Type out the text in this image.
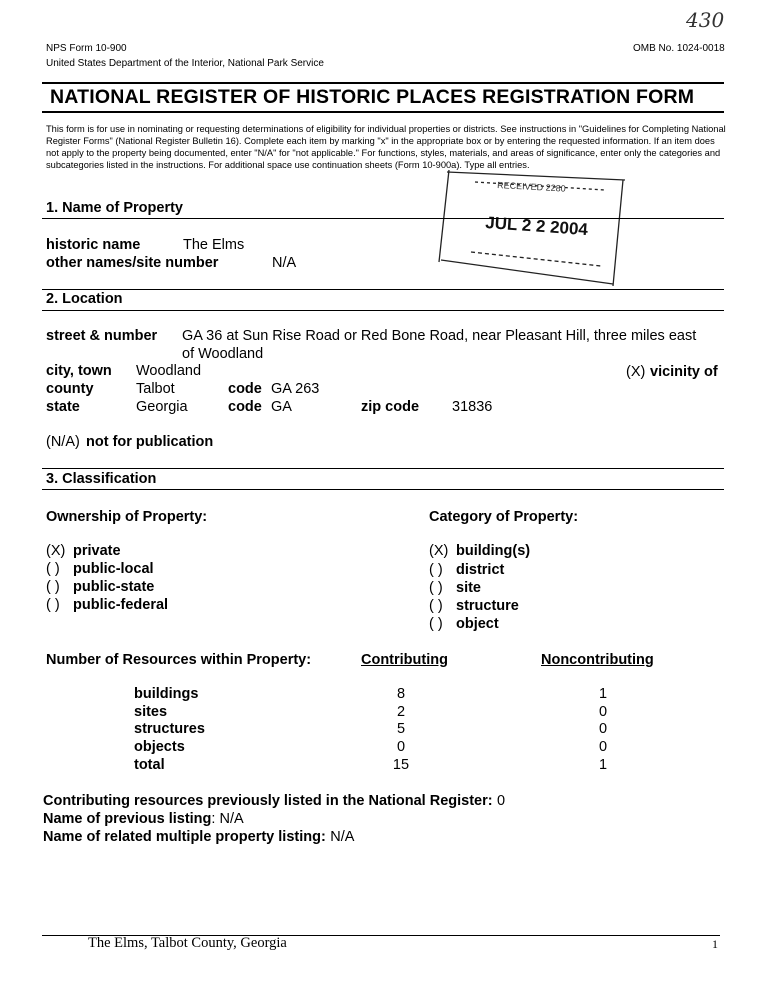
430
NPS Form 10-900	OMB No. 1024-0018
United States Department of the Interior, National Park Service
NATIONAL REGISTER OF HISTORIC PLACES REGISTRATION FORM
This form is for use in nominating or requesting determinations of eligibility for individual properties or districts. See instructions in "Guidelines for Completing National Register Forms" (National Register Bulletin 16). Complete each item by marking "x" in the appropriate box or by entering the requested information. If an item does not apply to the property being documented, enter "N/A" for "not applicable." For functions, styles, materials, and areas of significance, enter only the categories and subcategories listed in the instructions. For additional space use continuation sheets (Form 10-900a). Type all entries.
RECEIVED 2280
JUL 2 2 2004
1. Name of Property
historic name	The Elms
other names/site number	N/A
2. Location
street & number GA 36 at Sun Rise Road or Red Bone Road, near Pleasant Hill, three miles east
of Woodland
city, town Woodland	(X) vicinity of
county	Talbot	code GA 263
state	Georgia	code GA	zip code 31836
(N/A) not for publication
3. Classification
Ownership of Property:	Category of Property:
(X) private
( ) public-local
( ) public-state
( ) public-federal
(X) building(s)
( ) district
( ) site
( ) structure
( ) object
Number of Resources within Property:	Contributing	Noncontributing
buildings	8	1
sites	2	0
structures	5	0
objects	0	0
total	15	1
Contributing resources previously listed in the National Register: 0
Name of previous listing: N/A
Name of related multiple property listing: N/A
The Elms, Talbot County, Georgia	1
